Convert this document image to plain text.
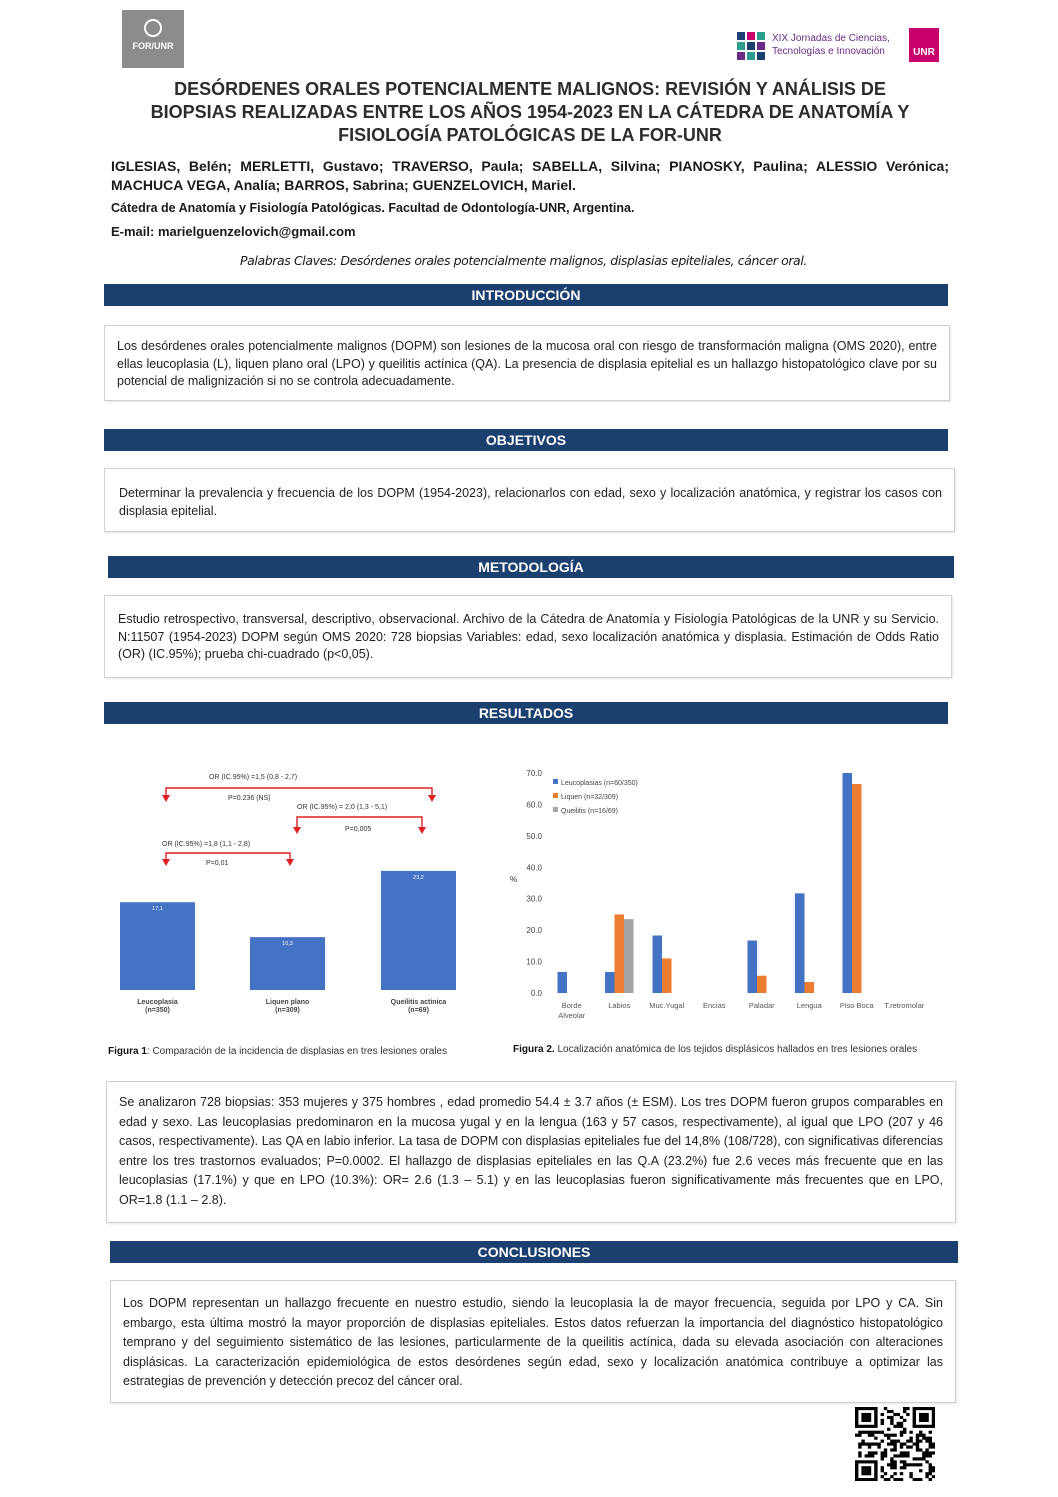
FOR/UNR
XIX Jornadas de Ciencias,
Tecnologías e Innovación	UNR
DESÓRDENES ORALES POTENCIALMENTE MALIGNOS: REVISIÓN Y ANÁLISIS DE
BIOPSIAS REALIZADAS ENTRE LOS AÑOS 1954-2023 EN LA CÁTEDRA DE ANATOMÍA Y
FISIOLOGÍA PATOLÓGICAS DE LA FOR-UNR
IGLESIAS, Belén; MERLETTI, Gustavo; TRAVERSO, Paula; SABELLA, Silvina; PIANOSKY, Paulina; ALESSIO Verónica; MACHUCA VEGA, Analía; BARROS, Sabrina; GUENZELOVICH, Mariel.
Cátedra de Anatomía y Fisiología Patológicas. Facultad de Odontología-UNR, Argentina.
E-mail: marielguenzelovich@gmail.com
Palabras Claves: Desórdenes orales potencialmente malignos, displasias epiteliales, cáncer oral.
INTRODUCCIÓN
Los desórdenes orales potencialmente malignos (DOPM) son lesiones de la mucosa oral con riesgo de transformación maligna (OMS 2020), entre ellas leucoplasia (L), liquen plano oral (LPO) y queilitis actínica (QA). La presencia de displasia epitelial es un hallazgo histopatológico clave por su potencial de malignización si no se controla adecuadamente.
OBJETIVOS
Determinar la prevalencia y frecuencia de los DOPM (1954-2023), relacionarlos con edad, sexo y localización anatómica, y registrar los casos con displasia epitelial.
METODOLOGÍA
Estudio retrospectivo, transversal, descriptivo, observacional. Archivo de la Cátedra de Anatomía y Fisiología Patológicas de la UNR y su Servicio. N:11507 (1954-2023) DOPM según OMS 2020: 728 biopsias Variables: edad, sexo localización anatómica y displasia. Estimación de Odds Ratio (OR) (IC.95%); prueba chi-cuadrado (p<0,05).
RESULTADOS
17,1
Leucoplasia
(n=350)
10,3
Liquen plano
(n=309)
23,2
Queilitis actinica
(n=69)
OR (IC.95%) =1,5 (0,8 - 2,7)
P=0.236 (NS)
OR (IC.95%) = 2,0 (1,3 - 5,1)
P=0,005
OR (IC.95%) =1,8 (1,1 - 2,8)
P=0,01
Figura 1: Comparación de la incidencia de displasias en tres lesiones orales
0.0
10.0
20.0
30.0
40.0
50.0
60.0
70.0
%
Leucoplasias (n=60/350)
Liquen (n=32/309)
Queilitis (n=16/69)
Borde
Alveolar
Labios	Muc.Yugal Encias	Paladar	Lengua Piso Boca T.retromolar
Figura 2. Localización anatómica de los tejidos displásicos hallados en tres lesiones orales
Se analizaron 728 biopsias: 353 mujeres y 375 hombres , edad promedio 54.4 ± 3.7 años (± ESM). Los tres DOPM fueron grupos comparables en edad y sexo. Las leucoplasias predominaron en la mucosa yugal y en la lengua (163 y 57 casos, respectivamente), al igual que LPO (207 y 46 casos, respectivamente). Las QA en labio inferior. La tasa de DOPM con displasias epiteliales fue del 14,8% (108/728), con significativas diferencias entre los tres trastornos evaluados; P=0.0002. El hallazgo de displasias epiteliales en las Q.A (23.2%) fue 2.6 veces más frecuente que en las leucoplasias (17.1%) y que en LPO (10.3%): OR= 2.6 (1.3 – 5.1) y en las leucoplasias fueron significativamente más frecuentes que en LPO, OR=1.8 (1.1 – 2.8).
CONCLUSIONES
Los DOPM representan un hallazgo frecuente en nuestro estudio, siendo la leucoplasia la de mayor frecuencia, seguida por LPO y CA. Sin embargo, esta última mostró la mayor proporción de displasias epiteliales. Estos datos refuerzan la importancia del diagnóstico histopatológico temprano y del seguimiento sistemático de las lesiones, particularmente de la queilitis actínica, dada su elevada asociación con alteraciones displásicas. La caracterización epidemiológica de estos desórdenes según edad, sexo y localización anatómica contribuye a optimizar las estrategias de prevención y detección precoz del cáncer oral.
